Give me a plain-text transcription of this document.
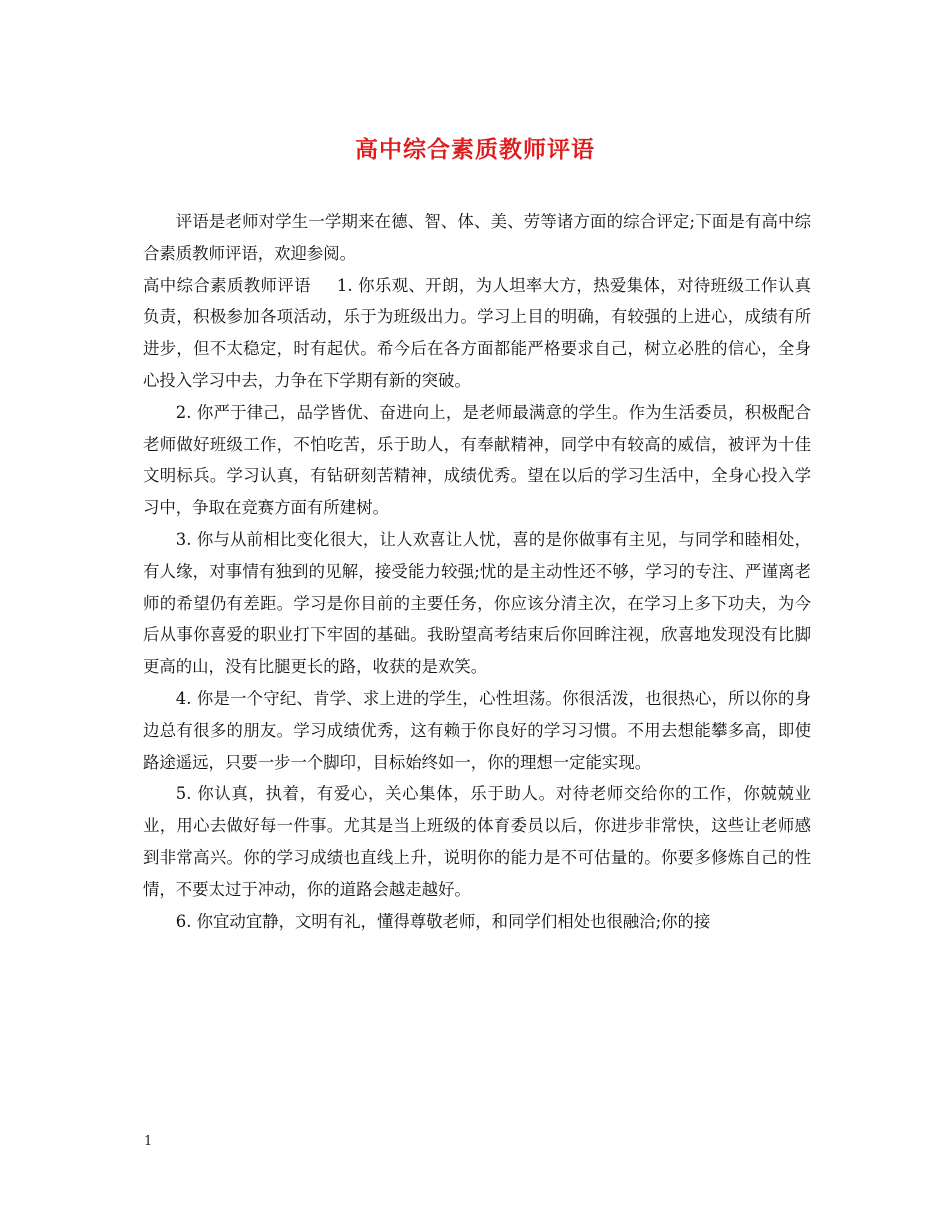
高中综合素质教师评语

评语是老师对学生一学期来在德、智、体、美、劳等诸方面的综合评定;下面是有高中综合素质教师评语，欢迎参阅。

高中综合素质教师评语 1. 你乐观、开朗，为人坦率大方，热爱集体，对待班级工作认真负责，积极参加各项活动，乐于为班级出力。学习上目的明确，有较强的上进心，成绩有所进步，但不太稳定，时有起伏。希今后在各方面都能严格要求自己，树立必胜的信心，全身心投入学习中去，力争在下学期有新的突破。

2. 你严于律己，品学皆优、奋进向上，是老师最满意的学生。作为生活委员，积极配合老师做好班级工作，不怕吃苦，乐于助人，有奉献精神，同学中有较高的威信，被评为十佳文明标兵。学习认真，有钻研刻苦精神，成绩优秀。望在以后的学习生活中，全身心投入学习中，争取在竞赛方面有所建树。

3. 你与从前相比变化很大，让人欢喜让人忧，喜的是你做事有主见，与同学和睦相处，有人缘，对事情有独到的见解，接受能力较强;忧的是主动性还不够，学习的专注、严谨离老师的希望仍有差距。学习是你目前的主要任务，你应该分清主次，在学习上多下功夫，为今后从事你喜爱的职业打下牢固的基础。我盼望高考结束后你回眸注视，欣喜地发现没有比脚更高的山，没有比腿更长的路，收获的是欢笑。

4. 你是一个守纪、肯学、求上进的学生，心性坦荡。你很活泼，也很热心，所以你的身边总有很多的朋友。学习成绩优秀，这有赖于你良好的学习习惯。不用去想能攀多高，即使路途遥远，只要一步一个脚印，目标始终如一，你的理想一定能实现。

5. 你认真，执着，有爱心，关心集体，乐于助人。对待老师交给你的工作，你兢兢业业，用心去做好每一件事。尤其是当上班级的体育委员以后，你进步非常快，这些让老师感到非常高兴。你的学习成绩也直线上升，说明你的能力是不可估量的。你要多修炼自己的性情，不要太过于冲动，你的道路会越走越好。

6. 你宜动宜静，文明有礼，懂得尊敬老师，和同学们相处也很融洽;你的接

1
